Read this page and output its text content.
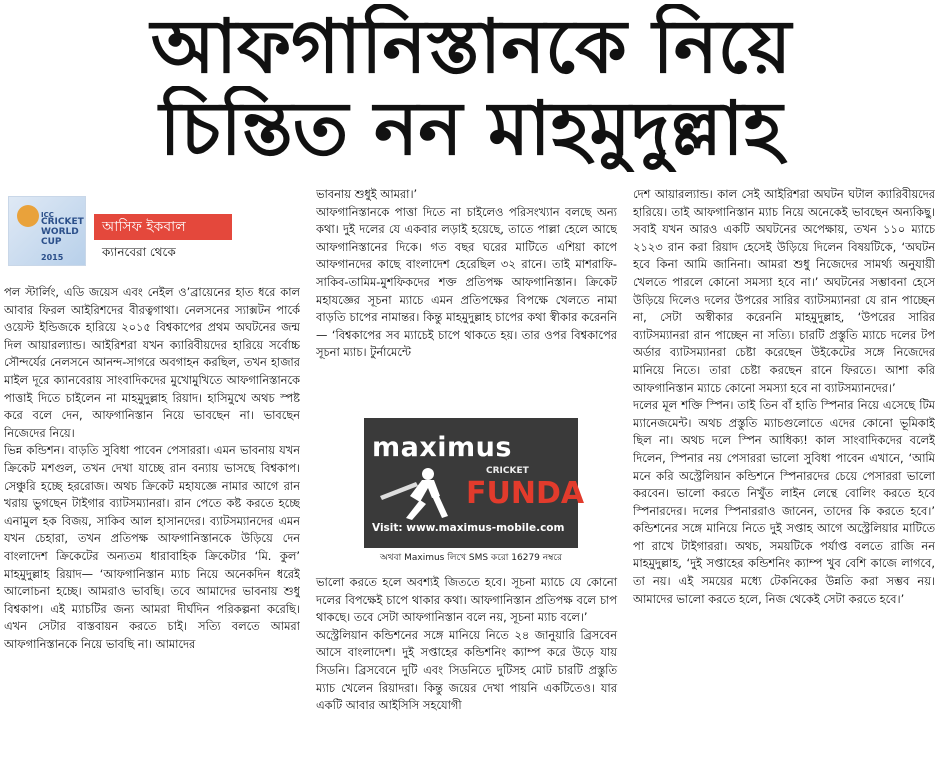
আফগানিস্তানকে নিয়ে
চিন্তিত নন মাহমুদুল্লাহ
ICC
CRICKET WORLD CUP
2015
আসিফ ইকবাল
ক্যানবেরা থেকে

পল স্টার্লিং, এডি জয়েস এবং নেইল ও’ব্রায়েনের হাত ধরে কাল আবার ফিরল আইরিশদের বীরত্বগাথা। নেলসনের স্যাক্সটন পার্কে ওয়েস্ট ইন্ডিজকে হারিয়ে ২০১৫ বিশ্বকাপের প্রথম অঘটনের জন্ম দিল আয়ারল্যান্ড। আইরিশরা যখন ক্যারিবীয়দের হারিয়ে সর্বোচ্চ সৌন্দর্যের নেলসনে আনন্দ-সাগরে অবগাহন করছিল, তখন হাজার মাইল দূরে ক্যানবেরায় সাংবাদিকদের মুখোমুখিতে আফগানিস্তানকে পাত্তাই দিতে চাইলেন না মাহমুদুল্লাহ রিয়াদ। হাসিমুখে অথচ স্পষ্ট করে বলে দেন, আফগানিস্তান নিয়ে ভাবছেন না। ভাবছেন নিজেদের নিয়ে।

ভিন্ন কন্ডিশন। বাড়তি সুবিধা পাবেন পেসাররা। এমন ভাবনায় যখন ক্রিকেট মশগুল, তখন দেখা যাচ্ছে রান বন্যায় ভাসছে বিশ্বকাপ। সেঞ্চুরি হচ্ছে হররোজ। অথচ ক্রিকেট মহাযজ্ঞে নামার আগে রান খরায় ভুগছেন টাইগার ব্যাটসম্যানরা। রান পেতে কষ্ট করতে হচ্ছে এনামুল হক বিজয়, সাকিব আল হাসানদের। ব্যাটসম্যানদের এমন যখন চেহারা, তখন প্রতিপক্ষ আফগানিস্তানকে উড়িয়ে দেন বাংলাদেশ ক্রিকেটের অন্যতম ধারাবাহিক ক্রিকেটার ‘মি. কুল’ মাহমুদুল্লাহ রিয়াদ— ‘আফগানিস্তান ম্যাচ নিয়ে অনেকদিন ধরেই আলোচনা হচ্ছে। আমরাও ভাবছি। তবে আমাদের ভাবনায় শুধু বিশ্বকাপ। এই ম্যাচটির জন্য আমরা দীর্ঘদিন পরিকল্পনা করেছি। এখন সেটার বাস্তবায়ন করতে চাই। সত্যি বলতে আমরা আফগানিস্তানকে নিয়ে ভাবছি না। আমাদের

ভাবনায় শুধুই আমরা।’

আফগানিস্তানকে পাত্তা দিতে না চাইলেও পরিসংখ্যান বলছে অন্য কথা। দুই দলের যে একবার লড়াই হয়েছে, তাতে পাল্লা হেলে আছে আফগানিস্তানের দিকে। গত বছর ঘরের মাটিতে এশিয়া কাপে আফগানদের কাছে বাংলাদেশ হেরেছিল ৩২ রানে। তাই মাশরাফি-সাকিব-তামিম-মুশফিকদের শক্ত প্রতিপক্ষ আফগানিস্তান। ক্রিকেট মহাযজ্ঞের সূচনা ম্যাচে এমন প্রতিপক্ষের বিপক্ষে খেলতে নামা বাড়তি চাপের নামান্তর। কিন্তু মাহমুদুল্লাহ চাপের কথা স্বীকার করেননি— ‘বিশ্বকাপের সব ম্যাচেই চাপে থাকতে হয়। তার ওপর বিশ্বকাপের সূচনা ম্যাচ। টুর্নামেন্টে

maximus
CRICKET
FUNDA
Visit: www.maximus-mobile.com
অথবা Maximus লিখে SMS করো 16279 নম্বরে

ভালো করতে হলে অবশ্যই জিততে হবে। সূচনা ম্যাচে যে কোনো দলের বিপক্ষেই চাপে থাকার কথা। আফগানিস্তান প্রতিপক্ষ বলে চাপ থাকছে। তবে সেটা আফগানিস্তান বলে নয়, সূচনা ম্যাচ বলে।’

অস্ট্রেলিয়ান কন্ডিশনের সঙ্গে মানিয়ে নিতে ২৪ জানুয়ারি ব্রিসবেন আসে বাংলাদেশ। দুই সপ্তাহের কন্ডিশনিং ক্যাম্প করে উড়ে যায় সিডনি। ব্রিসবেনে দুটি এবং সিডনিতে দুটিসহ মোট চারটি প্রস্তুতি ম্যাচ খেলেন রিয়াদরা। কিন্তু জয়ের দেখা পায়নি একটিতেও। যার একটি আবার আইসিসি সহযোগী

দেশ আয়ারল্যান্ড। কাল সেই আইরিশরা অঘটন ঘটাল ক্যারিবীয়দের হারিয়ে। তাই আফগানিস্তান ম্যাচ নিয়ে অনেকেই ভাবছেন অন্যকিছু। সবাই যখন আরও একটি অঘটনের অপেক্ষায়, তখন ১১০ ম্যাচে ২১২৩ রান করা রিয়াদ হেসেই উড়িয়ে দিলেন বিষয়টিকে, ‘অঘটন হবে কিনা আমি জানিনা। আমরা শুধু নিজেদের সামর্থ্য অনুযায়ী খেলতে পারলে কোনো সমস্যা হবে না।’ অঘটনের সম্ভাবনা হেসে উড়িয়ে দিলেও দলের উপরের সারির ব্যাটসম্যানরা যে রান পাচ্ছেন না, সেটা অস্বীকার করেননি মাহমুদুল্লাহ, ‘উপরের সারির ব্যাটসম্যানরা রান পাচ্ছেন না সত্যি। চারটি প্রস্তুতি ম্যাচে দলের টপ অর্ডার ব্যাটসম্যানরা চেষ্টা করেছেন উইকেটের সঙ্গে নিজেদের মানিয়ে নিতে। তারা চেষ্টা করছেন রানে ফিরতে। আশা করি আফগানিস্তান ম্যাচে কোনো সমস্যা হবে না ব্যাটসম্যানদের।’

দলের মূল শক্তি স্পিন। তাই তিন বাঁ হাতি স্পিনার নিয়ে এসেছে টিম ম্যানেজমেন্ট। অথচ প্রস্তুতি ম্যাচগুলোতে এদের কোনো ভূমিকাই ছিল না। অথচ দলে স্পিন আধিক্য! কাল সাংবাদিকদের বলেই দিলেন, স্পিনার নয় পেসাররা ভালো সুবিধা পাবেন এখানে, ‘আমি মনে করি অস্ট্রেলিয়ান কন্ডিশনে স্পিনারদের চেয়ে পেসাররা ভালো করবেন। ভালো করতে নিখুঁত লাইন লেন্থে বোলিং করতে হবে স্পিনারদের। দলের স্পিনাররাও জানেন, তাদের কি করতে হবে।’ কন্ডিশনের সঙ্গে মানিয়ে নিতে দুই সপ্তাহ আগে অস্ট্রেলিয়ার মাটিতে পা রাখে টাইগাররা। অথচ, সময়টিকে পর্যাপ্ত বলতে রাজি নন মাহমুদুল্লাহ, ‘দুই সপ্তাহের কন্ডিশনিং ক্যাম্প খুব বেশি কাজে লাগবে, তা নয়। এই সময়ের মধ্যে টেকনিকের উন্নতি করা সম্ভব নয়। আমাদের ভালো করতে হলে, নিজ থেকেই সেটা করতে হবে।’
